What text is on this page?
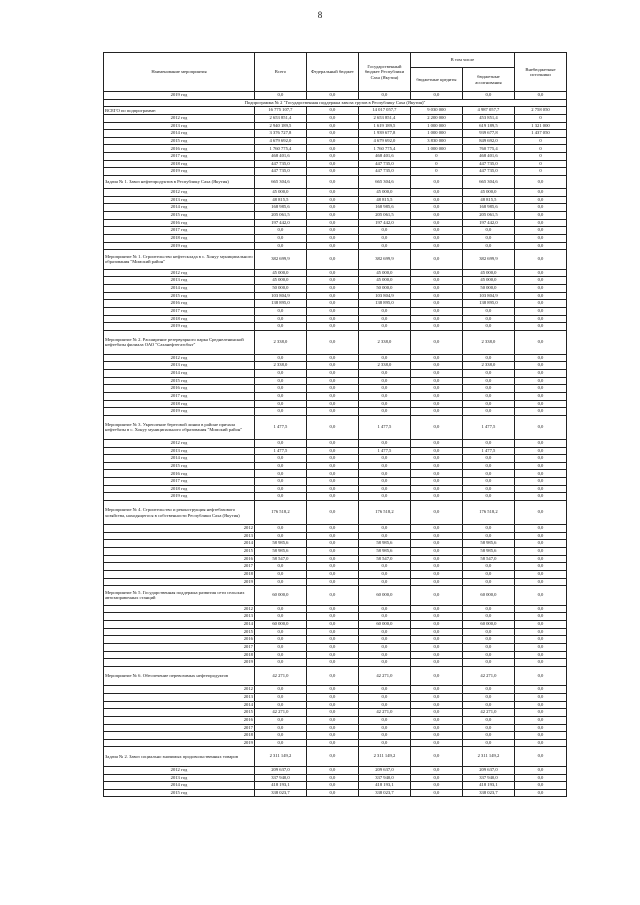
8
Наименование мероприятия	Всего	Федеральный бюджет	Государственный бюджет Республики Саха (Якутия)	В том числе		Внебюджетные источники
				бюджетные кредиты	бюджетные ассигнования	
2019 год	0,0	0,0	0,0	0,0	0,0	0,0
Подпрограмма № 2 "Государственная поддержка завоза грузов в Республику Саха (Якутия)"						
ВСЕГО по подпрограмме:	16 775 107,7	0,0	14 017 057,7	9 030 000	4 987 057,7	2 758 050
2012 год	2 653 851,4	0,0	2 653 851,4	2 200 000	453 851,4	0
2013 год	2 940 189,5	0,0	1 619 189,5	1 000 000	619 189,5	1 321 000
2014 год	3 376 727,8	0,0	1 939 677,8	1 000 000	939 677,8	1 437 050
2015 год	4 679 692,0	0,0	4 679 692,0	3 830 000	849 692,0	0
2016 год	1 760 775,4	0,0	1 760 775,4	1 000 000	760 775,4	0
2017 год	468 401,6	0,0	468 401,6	0	468 401,6	0
2018 год	447 735,0	0,0	447 735,0	0	447 735,0	0
2019 год	447 735,0	0,0	447 735,0	0	447 735,0	0
Задача № 1. Завоз нефтепродуктов в Республику Саха (Якутия)	665 304,6	0,0	665 304,6	0,0	665 304,6	0,0
2012 год	45 000,0	0,0	45 000,0	0,0	45 000,0	0,0
2013 год	48 815,5	0,0	48 815,5	0,0	48 815,5	0,0
2014 год	168 985,6	0,0	168 985,6	0,0	168 985,6	0,0
2015 год	205 061,5	0,0	205 061,5	0,0	205 061,5	0,0
2016 год	197 442,0	0,0	197 442,0	0,0	197 442,0	0,0
2017 год	0,0	0,0	0,0	0,0	0,0	0,0
2018 год	0,0	0,0	0,0	0,0	0,0	0,0
2019 год	0,0	0,0	0,0	0,0	0,0	0,0
Мероприятие № 1. Строительство нефтесклада в с. Хонуу муниципального образования "Момский район"	382 699,9	0,0	382 699,9	0,0	382 699,9	0,0
2012 год	45 000,0	0,0	45 000,0	0,0	45 000,0	0,0
2013 год	45 000,0	0,0	45 000,0	0,0	45 000,0	0,0
2014 год	50 000,0	0,0	50 000,0	0,0	50 000,0	0,0
2015 год	103 804,9	0,0	103 804,9	0,0	103 804,9	0,0
2016 год	138 895,0	0,0	138 895,0	0,0	138 895,0	0,0
2017 год	0,0	0,0	0,0	0,0	0,0	0,0
2018 год	0,0	0,0	0,0	0,0	0,0	0,0
2019 год	0,0	0,0	0,0	0,0	0,0	0,0
Мероприятие № 2. Расширение резервуарного парка Среднеленинской нефтебазы филиала ОАО "Саханефтегазсбыт"	2 338,0	0,0	2 338,0	0,0	2 338,0	0,0
2012 год	0,0	0,0	0,0	0,0	0,0	0,0
2013 год	2 338,0	0,0	2 338,0	0,0	2 338,0	0,0
2014 год	0,0	0,0	0,0	0,0	0,0	0,0
2015 год	0,0	0,0	0,0	0,0	0,0	0,0
2016 год	0,0	0,0	0,0	0,0	0,0	0,0
2017 год	0,0	0,0	0,0	0,0	0,0	0,0
2018 год	0,0	0,0	0,0	0,0	0,0	0,0
2019 год	0,0	0,0	0,0	0,0	0,0	0,0
Мероприятие № 3. Укрепление береговой линии в районе причала нефтебазы в с. Хонуу муниципального образования "Момский район"	1 477,5	0,0	1 477,5	0,0	1 477,5	0,0
2012 год	0,0	0,0	0,0	0,0	0,0	0,0
2013 год	1 477,5	0,0	1 477,5	0,0	1 477,5	0,0
2014 год	0,0	0,0	0,0	0,0	0,0	0,0
2015 год	0,0	0,0	0,0	0,0	0,0	0,0
2016 год	0,0	0,0	0,0	0,0	0,0	0,0
2017 год	0,0	0,0	0,0	0,0	0,0	0,0
2018 год	0,0	0,0	0,0	0,0	0,0	0,0
2019 год	0,0	0,0	0,0	0,0	0,0	0,0
Мероприятие № 4. Строительство и реконструкция нефтебазового хозяйства, находящегося в собственности Республики Саха (Якутия)	176 518,2	0,0	176 518,2	0,0	176 518,2	0,0
2012	0,0	0,0	0,0	0,0	0,0	0,0
2013	0,0	0,0	0,0	0,0	0,0	0,0
2014	58 985,6	0,0	58 985,6	0,0	58 985,6	0,0
2015	58 985,6	0,0	58 985,6	0,0	58 985,6	0,0
2016	58 547,0	0,0	58 547,0	0,0	58 547,0	0,0
2017	0,0	0,0	0,0	0,0	0,0	0,0
2018	0,0	0,0	0,0	0,0	0,0	0,0
2019	0,0	0,0	0,0	0,0	0,0	0,0
Мероприятие № 5. Государственная поддержка развития сети сельских автозаправочных станций	60 000,0	0,0	60 000,0	0,0	60 000,0	0,0
2012	0,0	0,0	0,0	0,0	0,0	0,0
2013	0,0	0,0	0,0	0,0	0,0	0,0
2014	60 000,0	0,0	60 000,0	0,0	60 000,0	0,0
2015	0,0	0,0	0,0	0,0	0,0	0,0
2016	0,0	0,0	0,0	0,0	0,0	0,0
2017	0,0	0,0	0,0	0,0	0,0	0,0
2018	0,0	0,0	0,0	0,0	0,0	0,0
2019	0,0	0,0	0,0	0,0	0,0	0,0
Мероприятие № 6. Обеспечение перевозимых нефтепродуктов	42 271,0	0,0	42 271,0	0,0	42 271,0	0,0
2012	0,0	0,0	0,0	0,0	0,0	0,0
2013	0,0	0,0	0,0	0,0	0,0	0,0
2014	0,0	0,0	0,0	0,0	0,0	0,0
2015	42 271,0	0,0	42 271,0	0,0	42 271,0	0,0
2016	0,0	0,0	0,0	0,0	0,0	0,0
2017	0,0	0,0	0,0	0,0	0,0	0,0
2018	0,0	0,0	0,0	0,0	0,0	0,0
2019	0,0	0,0	0,0	0,0	0,0	0,0
Задача № 2. Завоз социально значимых продовольственных товаров	2 311 149,2	0,0	2 311 149,2	0,0	2 311 149,2	0,0
2012 год	209 637,0	0,0	209 637,0	0,0	209 637,0	0,0
2013 год	337 940,0	0,0	337 940,0	0,0	337 940,0	0,0
2014 год	418 193,1	0,0	418 193,1	0,0	418 193,1	0,0
2015 год	338 023,7	0,0	338 023,7	0,0	338 023,7	0,0
